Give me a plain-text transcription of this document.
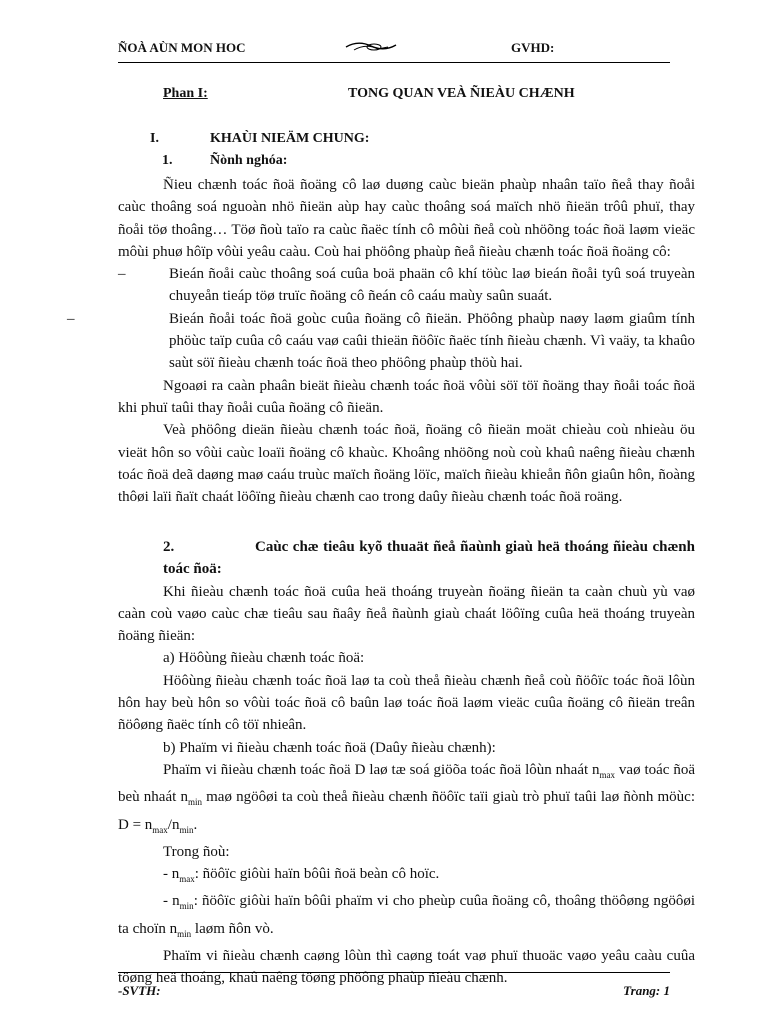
ÑOÀ AÙN MON HOC	GVHD:
Phan I:	TONG QUAN VEÀ ÑIEÀU CHÆNH
I.	KHAÙI NIEÄM CHUNG:
1.	Ñònh nghóa:

Ñieu chænh toác ñoä ñoäng cô laø duøng caùc bieän phaùp nhaân taïo ñeå thay ñoåi caùc thoâng soá nguoàn nhö ñieän aùp hay caùc thoâng soá maïch nhö ñieän trôû phuï, thay ñoåi töø thoâng… Töø ñoù taïo ra caùc ñaëc tính cô môùi ñeå coù nhöõng toác ñoä laøm vieäc môùi phuø hôïp vôùi yeâu caàu. Coù hai phöông phaùp ñeå ñieàu chænh toác ñoä ñoäng cô:

–	Bieán ñoåi caùc thoâng soá cuûa boä phaän cô khí töùc laø bieán ñoåi tyû soá truyeàn chuyeån tieáp töø truïc ñoäng cô ñeán cô caáu maùy saûn suaát.

–	Bieán ñoåi toác ñoä goùc cuûa ñoäng cô ñieän. Phöông phaùp naøy laøm giaûm tính phöùc taïp cuûa cô caáu vaø caûi thieän ñöôïc ñaëc tính ñieàu chænh. Vì vaäy, ta khaûo saùt söï ñieàu chænh toác ñoä theo phöông phaùp thöù hai.

Ngoaøi ra caàn phaân bieät ñieàu chænh toác ñoä vôùi söï töï ñoäng thay ñoåi toác ñoä khi phuï taûi thay ñoåi cuûa ñoäng cô ñieän.

Veà phöông dieän ñieàu chænh toác ñoä, ñoäng cô ñieän moät chieàu coù nhieàu öu vieät hôn so vôùi caùc loaïi ñoäng cô khaùc. Khoâng nhöõng noù coù khaû naêng ñieàu chænh toác ñoä deã daøng maø caáu truùc maïch ñoäng löïc, maïch ñieàu khieån ñôn giaûn hôn, ñoàng thôøi laïi ñaït chaát löôïng ñieàu chænh cao trong daûy ñieàu chænh toác ñoä roäng.

2.	Caùc chæ tieâu kyõ thuaät ñeå ñaùnh giaù heä thoáng ñieàu chænh toác ñoä:

Khi ñieàu chænh toác ñoä cuûa heä thoáng truyeàn ñoäng ñieän ta caàn chuù yù vaø caàn coù vaøo caùc chæ tieâu sau ñaây ñeå ñaùnh giaù chaát löôïng cuûa heä thoáng truyeàn ñoäng ñieän:

a) Höôùng ñieàu chænh toác ñoä:

Höôùng ñieàu chænh toác ñoä laø ta coù theå ñieàu chænh ñeå coù ñöôïc toác ñoä lôùn hôn hay beù hôn so vôùi toác ñoä cô baûn laø toác ñoä laøm vieäc cuûa ñoäng cô ñieän treân ñöôøng ñaëc tính cô töï nhieân.

b) Phaïm vi ñieàu chænh toác ñoä (Daûy ñieàu chænh):

Phaïm vi ñieàu chænh toác ñoä D laø tæ soá giöõa toác ñoä lôùn nhaát $n_{max}$ vaø toác ñoä beù nhaát $n_{min}$ maø ngöôøi ta coù theå ñieàu chænh ñöôïc taïi giaù trò phuï taûi laø ñònh möùc: $D = n_{max}/n_{min}$.

Trong ñoù:

- $n_{max}$: ñöôïc giôùi haïn bôûi ñoä beàn cô hoïc.

- $n_{min}$: ñöôïc giôùi haïn bôûi phaïm vi cho pheùp cuûa ñoäng cô, thoâng thöôøng ngöôøi ta choïn $n_{min}$ laøm ñôn vò.

Phaïm vi ñieàu chænh caøng lôùn thì caøng toát vaø phuï thuoäc vaøo yeâu caàu cuûa töøng heä thoáng, khaû naêng töøng phöông phaùp ñieàu chænh.

-SVTH:	Trang: 1
